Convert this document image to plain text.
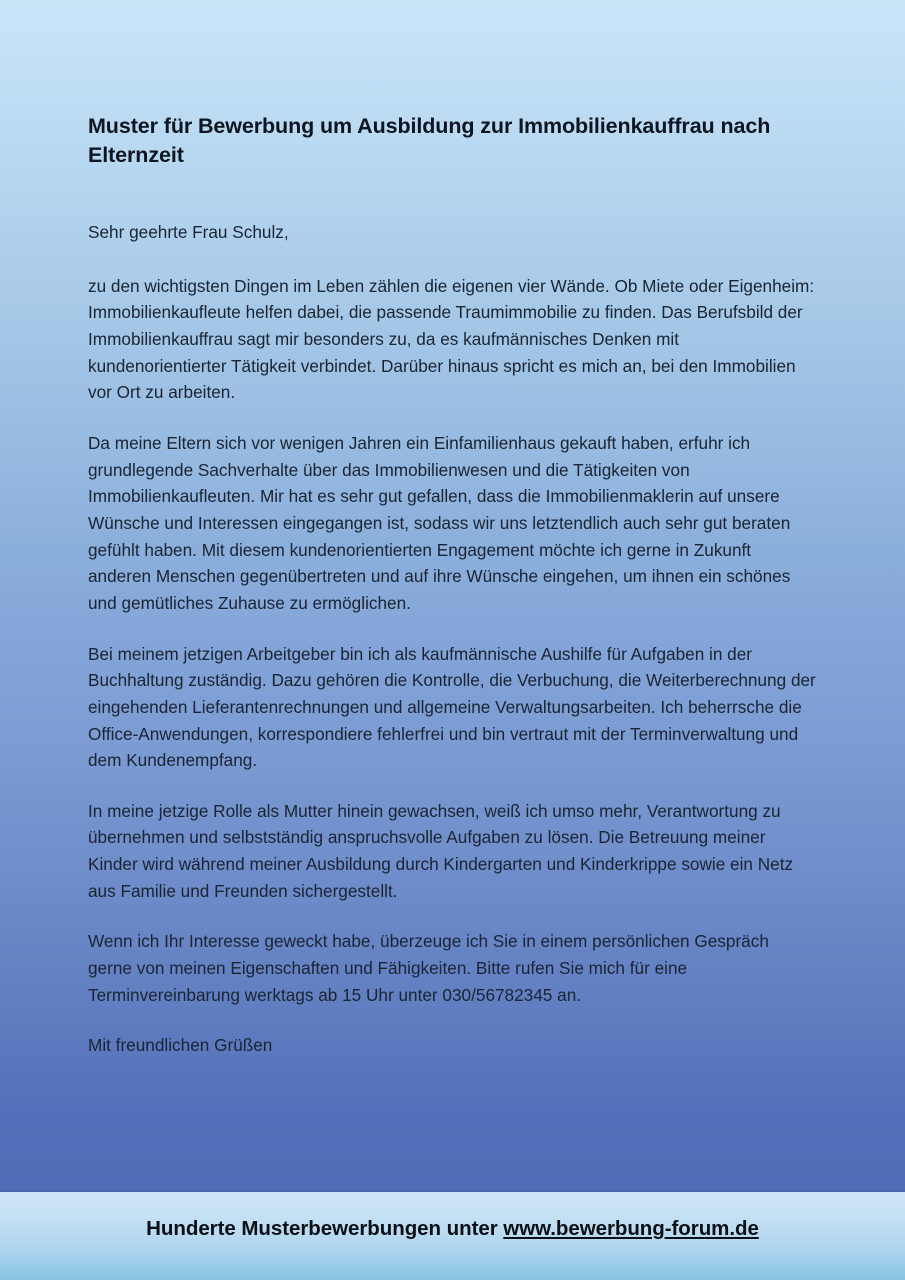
Muster für Bewerbung um Ausbildung zur Immobilienkauffrau nach Elternzeit

Sehr geehrte Frau Schulz,

zu den wichtigsten Dingen im Leben zählen die eigenen vier Wände. Ob Miete oder Eigenheim: Immobilienkaufleute helfen dabei, die passende Traumimmobilie zu finden. Das Berufsbild der Immobilienkauffrau sagt mir besonders zu, da es kaufmännisches Denken mit kundenorientierter Tätigkeit verbindet. Darüber hinaus spricht es mich an, bei den Immobilien vor Ort zu arbeiten.

Da meine Eltern sich vor wenigen Jahren ein Einfamilienhaus gekauft haben, erfuhr ich grundlegende Sachverhalte über das Immobilienwesen und die Tätigkeiten von Immobilienkaufleuten. Mir hat es sehr gut gefallen, dass die Immobilienmaklerin auf unsere Wünsche und Interessen eingegangen ist, sodass wir uns letztendlich auch sehr gut beraten gefühlt haben. Mit diesem kundenorientierten Engagement möchte ich gerne in Zukunft anderen Menschen gegenübertreten und auf ihre Wünsche eingehen, um ihnen ein schönes und gemütliches Zuhause zu ermöglichen.

Bei meinem jetzigen Arbeitgeber bin ich als kaufmännische Aushilfe für Aufgaben in der Buchhaltung zuständig. Dazu gehören die Kontrolle, die Verbuchung, die Weiterberechnung der eingehenden Lieferantenrechnungen und allgemeine Verwaltungsarbeiten. Ich beherrsche die Office-Anwendungen, korrespondiere fehlerfrei und bin vertraut mit der Terminverwaltung und dem Kundenempfang.

In meine jetzige Rolle als Mutter hinein gewachsen, weiß ich umso mehr, Verantwortung zu übernehmen und selbstständig anspruchsvolle Aufgaben zu lösen. Die Betreuung meiner Kinder wird während meiner Ausbildung durch Kindergarten und Kinderkrippe sowie ein Netz aus Familie und Freunden sichergestellt.

Wenn ich Ihr Interesse geweckt habe, überzeuge ich Sie in einem persönlichen Gespräch gerne von meinen Eigenschaften und Fähigkeiten. Bitte rufen Sie mich für eine Terminvereinbarung werktags ab 15 Uhr unter 030/56782345 an.

Mit freundlichen Grüßen

Hunderte Musterbewerbungen unter www.bewerbung-forum.de
